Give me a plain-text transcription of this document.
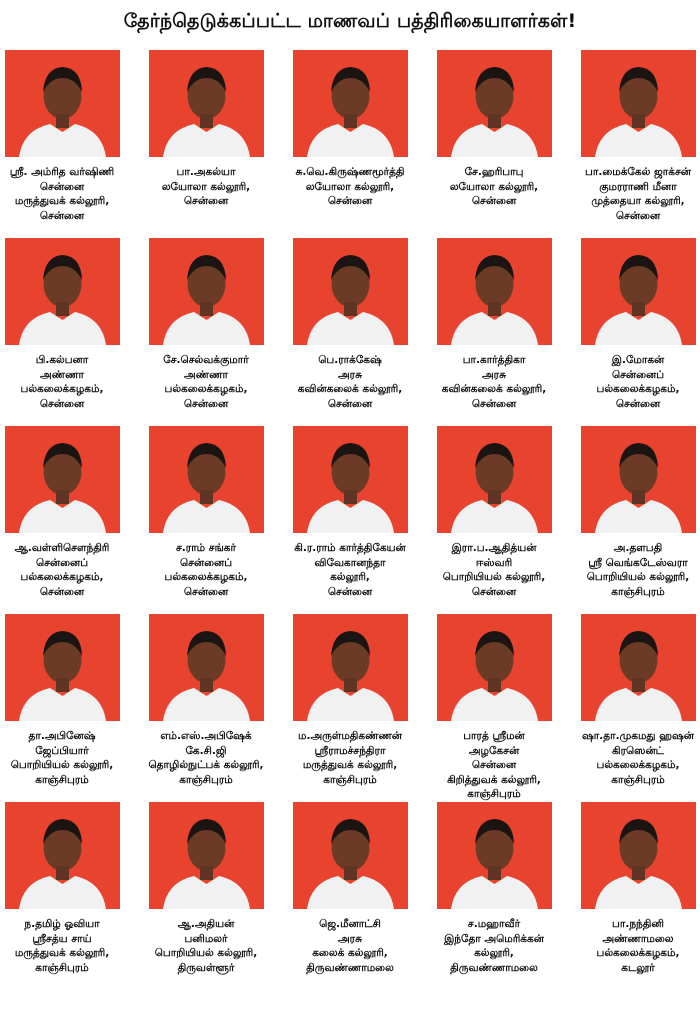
தேர்ந்தெடுக்கப்பட்ட மாணவப் பத்திரிகையாளர்கள்!
ஸ்ரீ. அம்ரித வர்ஷிணி
சென்னை
மருத்துவக் கல்லூரி,
சென்னை
பா.அகல்யா
லயோலா கல்லூரி,
சென்னை
சு.வெ.கிருஷ்ணமூர்த்தி
லயோலா கல்லூரி,
சென்னை
சே.ஹரிபாபு
லயோலா கல்லூரி,
சென்னை
பா.மைக்கேல் ஜாக்சன்
குமரராணி மீனா
முத்தையா கல்லூரி,
சென்னை
பி.கல்பனா
அண்ணா
பல்கலைக்கழகம்,
சென்னை
சே.செல்வக்குமார்
அண்ணா
பல்கலைக்கழகம்,
சென்னை
பெ.ராக்கேஷ்
அரசு
கவின்கலைக் கல்லூரி,
சென்னை
பா.கார்த்திகா
அரசு
கவின்கலைக் கல்லூரி,
சென்னை
இ.மோகன்
சென்னைப்
பல்கலைக்கழகம்,
சென்னை
ஆ.வள்ளிசௌந்திரி
சென்னைப்
பல்கலைக்கழகம்,
சென்னை
ச.ராம் சங்கர்
சென்னைப்
பல்கலைக்கழகம்,
சென்னை
கி.ர.ராம் கார்த்திகேயன்
விவேகானந்தா
கல்லூரி,
சென்னை
இரா.ப.ஆதித்யன்
ஈஸ்வரி
பொறியியல் கல்லூரி,
சென்னை
அ.தளபதி
ஸ்ரீ வெங்கடேஸ்வரா
பொறியியல் கல்லூரி,
காஞ்சிபுரம்
தா.அபினேஷ்
ஜேப்பியார்
பொறியியல் கல்லூரி,
காஞ்சிபுரம்
எம்.எஸ்.அபிஷேக்
கே.சி.ஜி
தொழில்நுட்பக் கல்லூரி,
காஞ்சிபுரம்
ம.அருள்மதிகண்ணன்
ஸ்ரீராமச்சந்திரா
மருத்துவக் கல்லூரி,
காஞ்சிபுரம்
பாரத் ஸ்ரீமன்
அழகேசன்
சென்னை
கிறித்துவக் கல்லூரி,
காஞ்சிபுரம்
ஷா.தா.முகமது ஹஷன்
கிரஸென்ட்
பல்கலைக்கழகம்,
காஞ்சிபுரம்
ந.தமிழ் ஓவியா
ஸ்ரீசத்ய சாய்
மருத்துவக் கல்லூரி,
காஞ்சிபுரம்
ஆ.அதியன்
பனிமலர்
பொறியியல் கல்லூரி,
திருவள்ளூர்
ஜெ.மீனாட்சி
அரசு
கலைக் கல்லூரி,
திருவண்ணாமலை
ச.மஹாவீர்
இந்தோ அமெரிக்கன்
கல்லூரி,
திருவண்ணாமலை
பா.நந்தினி
அண்ணாமலை
பல்கலைக்கழகம்,
கடலூர்
